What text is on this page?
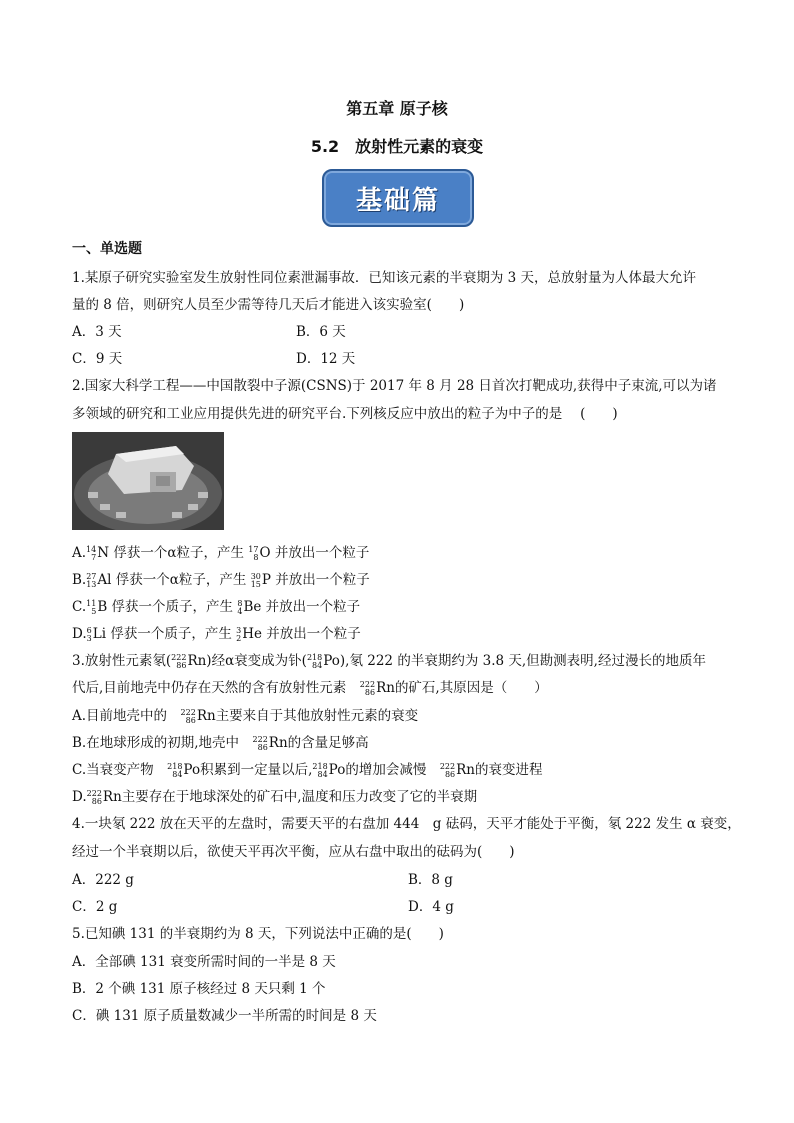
第五章 原子核
5.2　放射性元素的衰变
基础篇
一、单选题
1.某原子研究实验室发生放射性同位素泄漏事故．已知该元素的半衰期为 3 天，总放射量为人体最大允许
量的 8 倍，则研究人员至少需等待几天后才能进入该实验室(　　)
A．3 天	B．6 天
C．9 天	D．12 天
2.国家大科学工程——中国散裂中子源(CSNS)于 2017 年 8 月 28 日首次打靶成功,获得中子束流,可以为诸
多领域的研究和工业应用提供先进的研究平台.下列核反应中放出的粒子为中子的是　 (　　)
A. 14
7 N 俘获一个α粒子，产生 17
8 O 并放出一个粒子
B. 27
13 Al 俘获一个α粒子，产生 30
15 P 并放出一个粒子
C. 11
5 B 俘获一个质子，产生 8
4 Be 并放出一个粒子
D. 6
3 Li 俘获一个质子，产生 3
2 He 并放出一个粒子
3.放射性元素氡( 222
86 Rn)经α衰变成为钋( 218
84 Po),氡 222 的半衰期约为 3.8 天,但勘测表明,经过漫长的地质年
代后,目前地壳中仍存在天然的含有放射性元素　 222
86 Rn的矿石,其原因是（　　）
A.目前地壳中的　 222
86 Rn主要来自于其他放射性元素的衰变
B.在地球形成的初期,地壳中　 222
86 Rn的含量足够高
C.当衰变产物　 218
84 Po积累到一定量以后, 218
84 Po的增加会减慢　 222
86 Rn的衰变进程
D. 222
86 Rn主要存在于地球深处的矿石中,温度和压力改变了它的半衰期
4.一块氡 222 放在天平的左盘时，需要天平的右盘加 444　g 砝码，天平才能处于平衡，氡 222 发生 α 衰变，
经过一个半衰期以后，欲使天平再次平衡，应从右盘中取出的砝码为(　　)
A．222 g	B．8 g
C．2 g	D．4 g
5.已知碘 131 的半衰期约为 8 天，下列说法中正确的是(　　)
A．全部碘 131 衰变所需时间的一半是 8 天
B．2 个碘 131 原子核经过 8 天只剩 1 个
C．碘 131 原子质量数减少一半所需的时间是 8 天
